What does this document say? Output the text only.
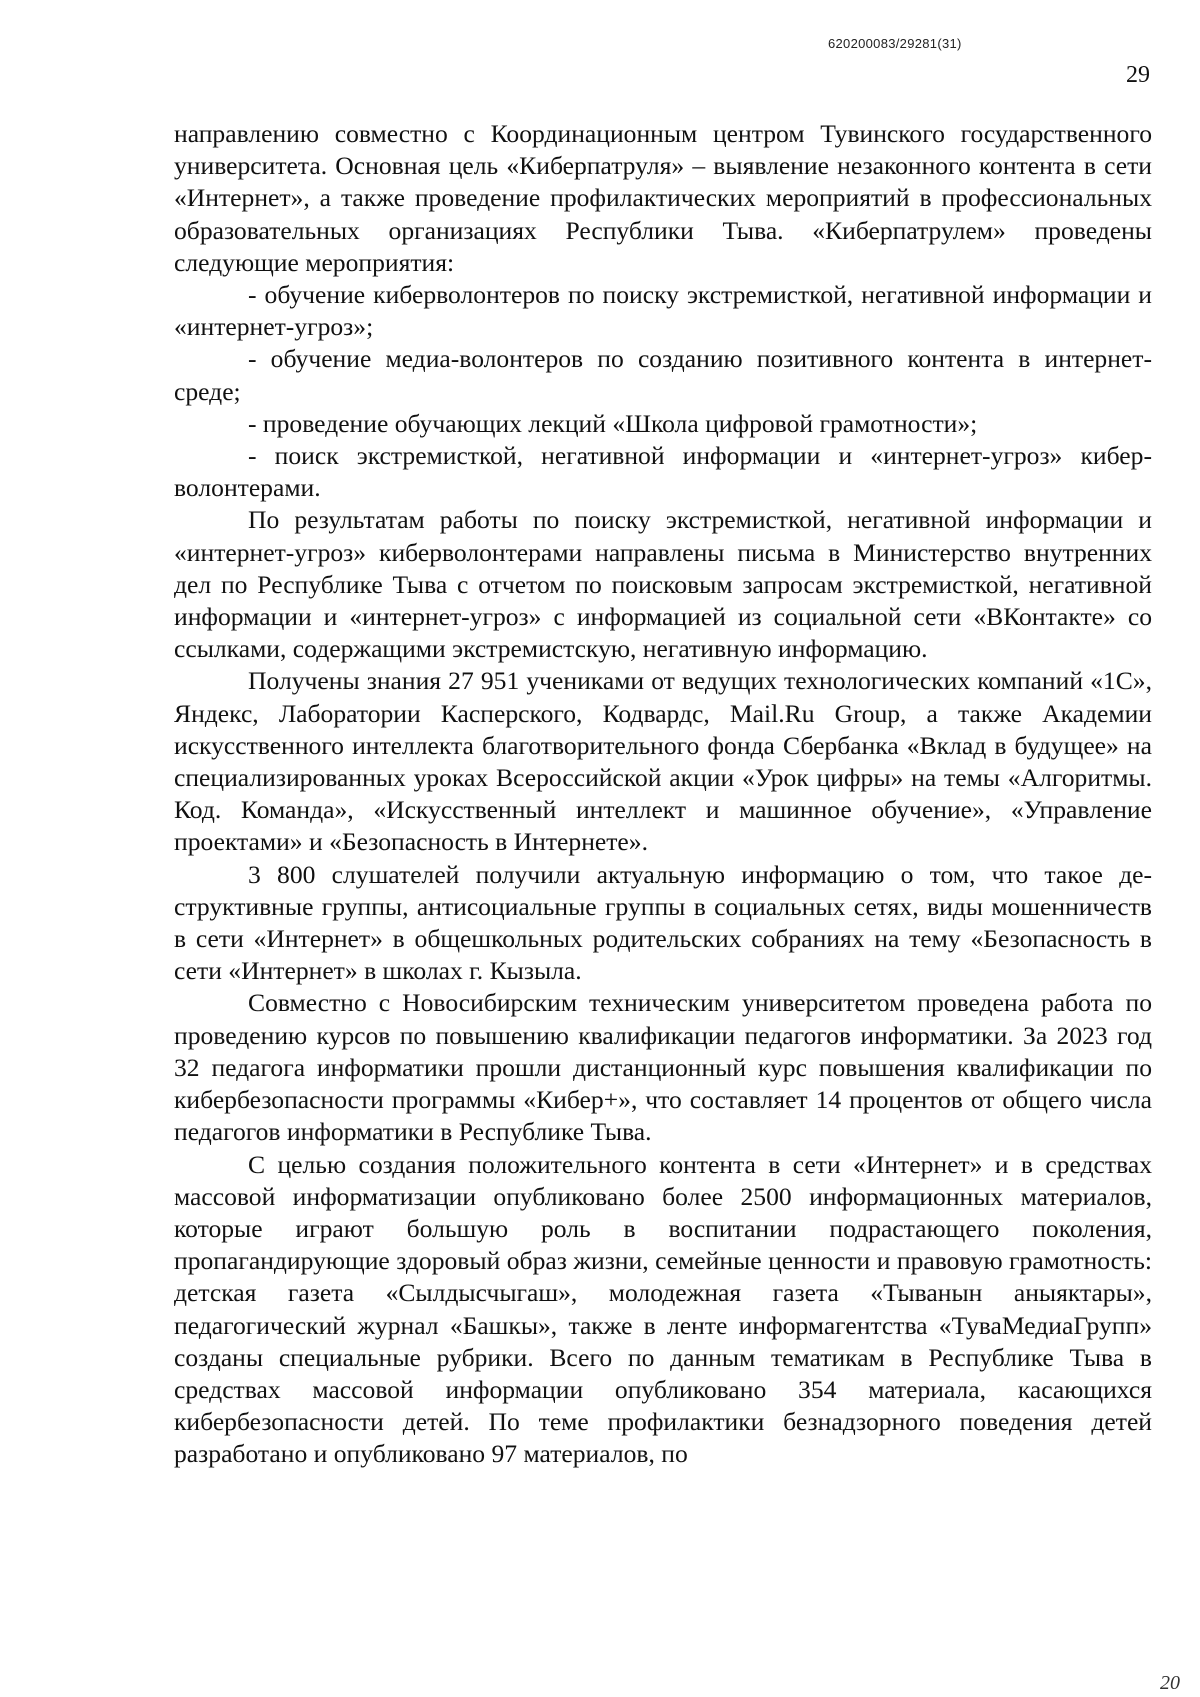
620200083/29281(31)
29

направлению совместно с Координационным центром Тувинского государственного университета. Основная цель «Киберпатруля» – выявление незаконного контента в сети «Интернет», а также проведение профилактических мероприятий в профессиональных образовательных организациях Республики Тыва. «Киберпатрулем» проведены следующие мероприятия:

- обучение киберволонтеров по поиску экстремисткой, негативной информации и «интернет-угроз»;

- обучение медиа-волонтеров по созданию позитивного контента в интернет-среде;

- проведение обучающих лекций «Школа цифровой грамотности»;

- поиск экстремисткой, негативной информации и «интернет-угроз» киберволонтерами.

По результатам работы по поиску экстремисткой, негативной информации и «интернет-угроз» киберволонтерами направлены письма в Министерство внутренних дел по Республике Тыва с отчетом по поисковым запросам экстремисткой, негативной информации и «интернет-угроз» с информацией из социальной сети «ВКонтакте» со ссылками, содержащими экстремистскую, негативную информацию.

Получены знания 27 951 учениками от ведущих технологических компаний «1С», Яндекс, Лаборатории Касперского, Кодвардс, Mail.Ru Group, а также Академии искусственного интеллекта благотворительного фонда Сбербанка «Вклад в будущее» на специализированных уроках Всероссийской акции «Урок цифры» на темы «Алгоритмы. Код. Команда», «Искусственный интеллект и машинное обучение», «Управление проектами» и «Безопасность в Интернете».

3 800 слушателей получили актуальную информацию о том, что такое деструктивные группы, антисоциальные группы в социальных сетях, виды мошенничеств в сети «Интернет» в общешкольных родительских собраниях на тему «Безопасность в сети «Интернет» в школах г. Кызыла.

Совместно с Новосибирским техническим университетом проведена работа по проведению курсов по повышению квалификации педагогов информатики. За 2023 год 32 педагога информатики прошли дистанционный курс повышения квалификации по кибербезопасности программы «Кибер+», что составляет 14 процентов от общего числа педагогов информатики в Республике Тыва.

С целью создания положительного контента в сети «Интернет» и в средствах массовой информатизации опубликовано более 2500 информационных материалов, которые играют большую роль в воспитании подрастающего поколения, пропагандирующие здоровый образ жизни, семейные ценности и правовую грамотность: детская газета «Сылдысчыгаш», молодежная газета «Тыванын аныяктары», педагогический журнал «Башкы», также в ленте информагентства «ТуваМедиаГрупп» созданы специальные рубрики. Всего по данным тематикам в Республике Тыва в средствах массовой информации опубликовано 354 материала, касающихся кибербезопасности детей. По теме профилактики безнадзорного поведения детей разработано и опубликовано 97 материалов, по

20
